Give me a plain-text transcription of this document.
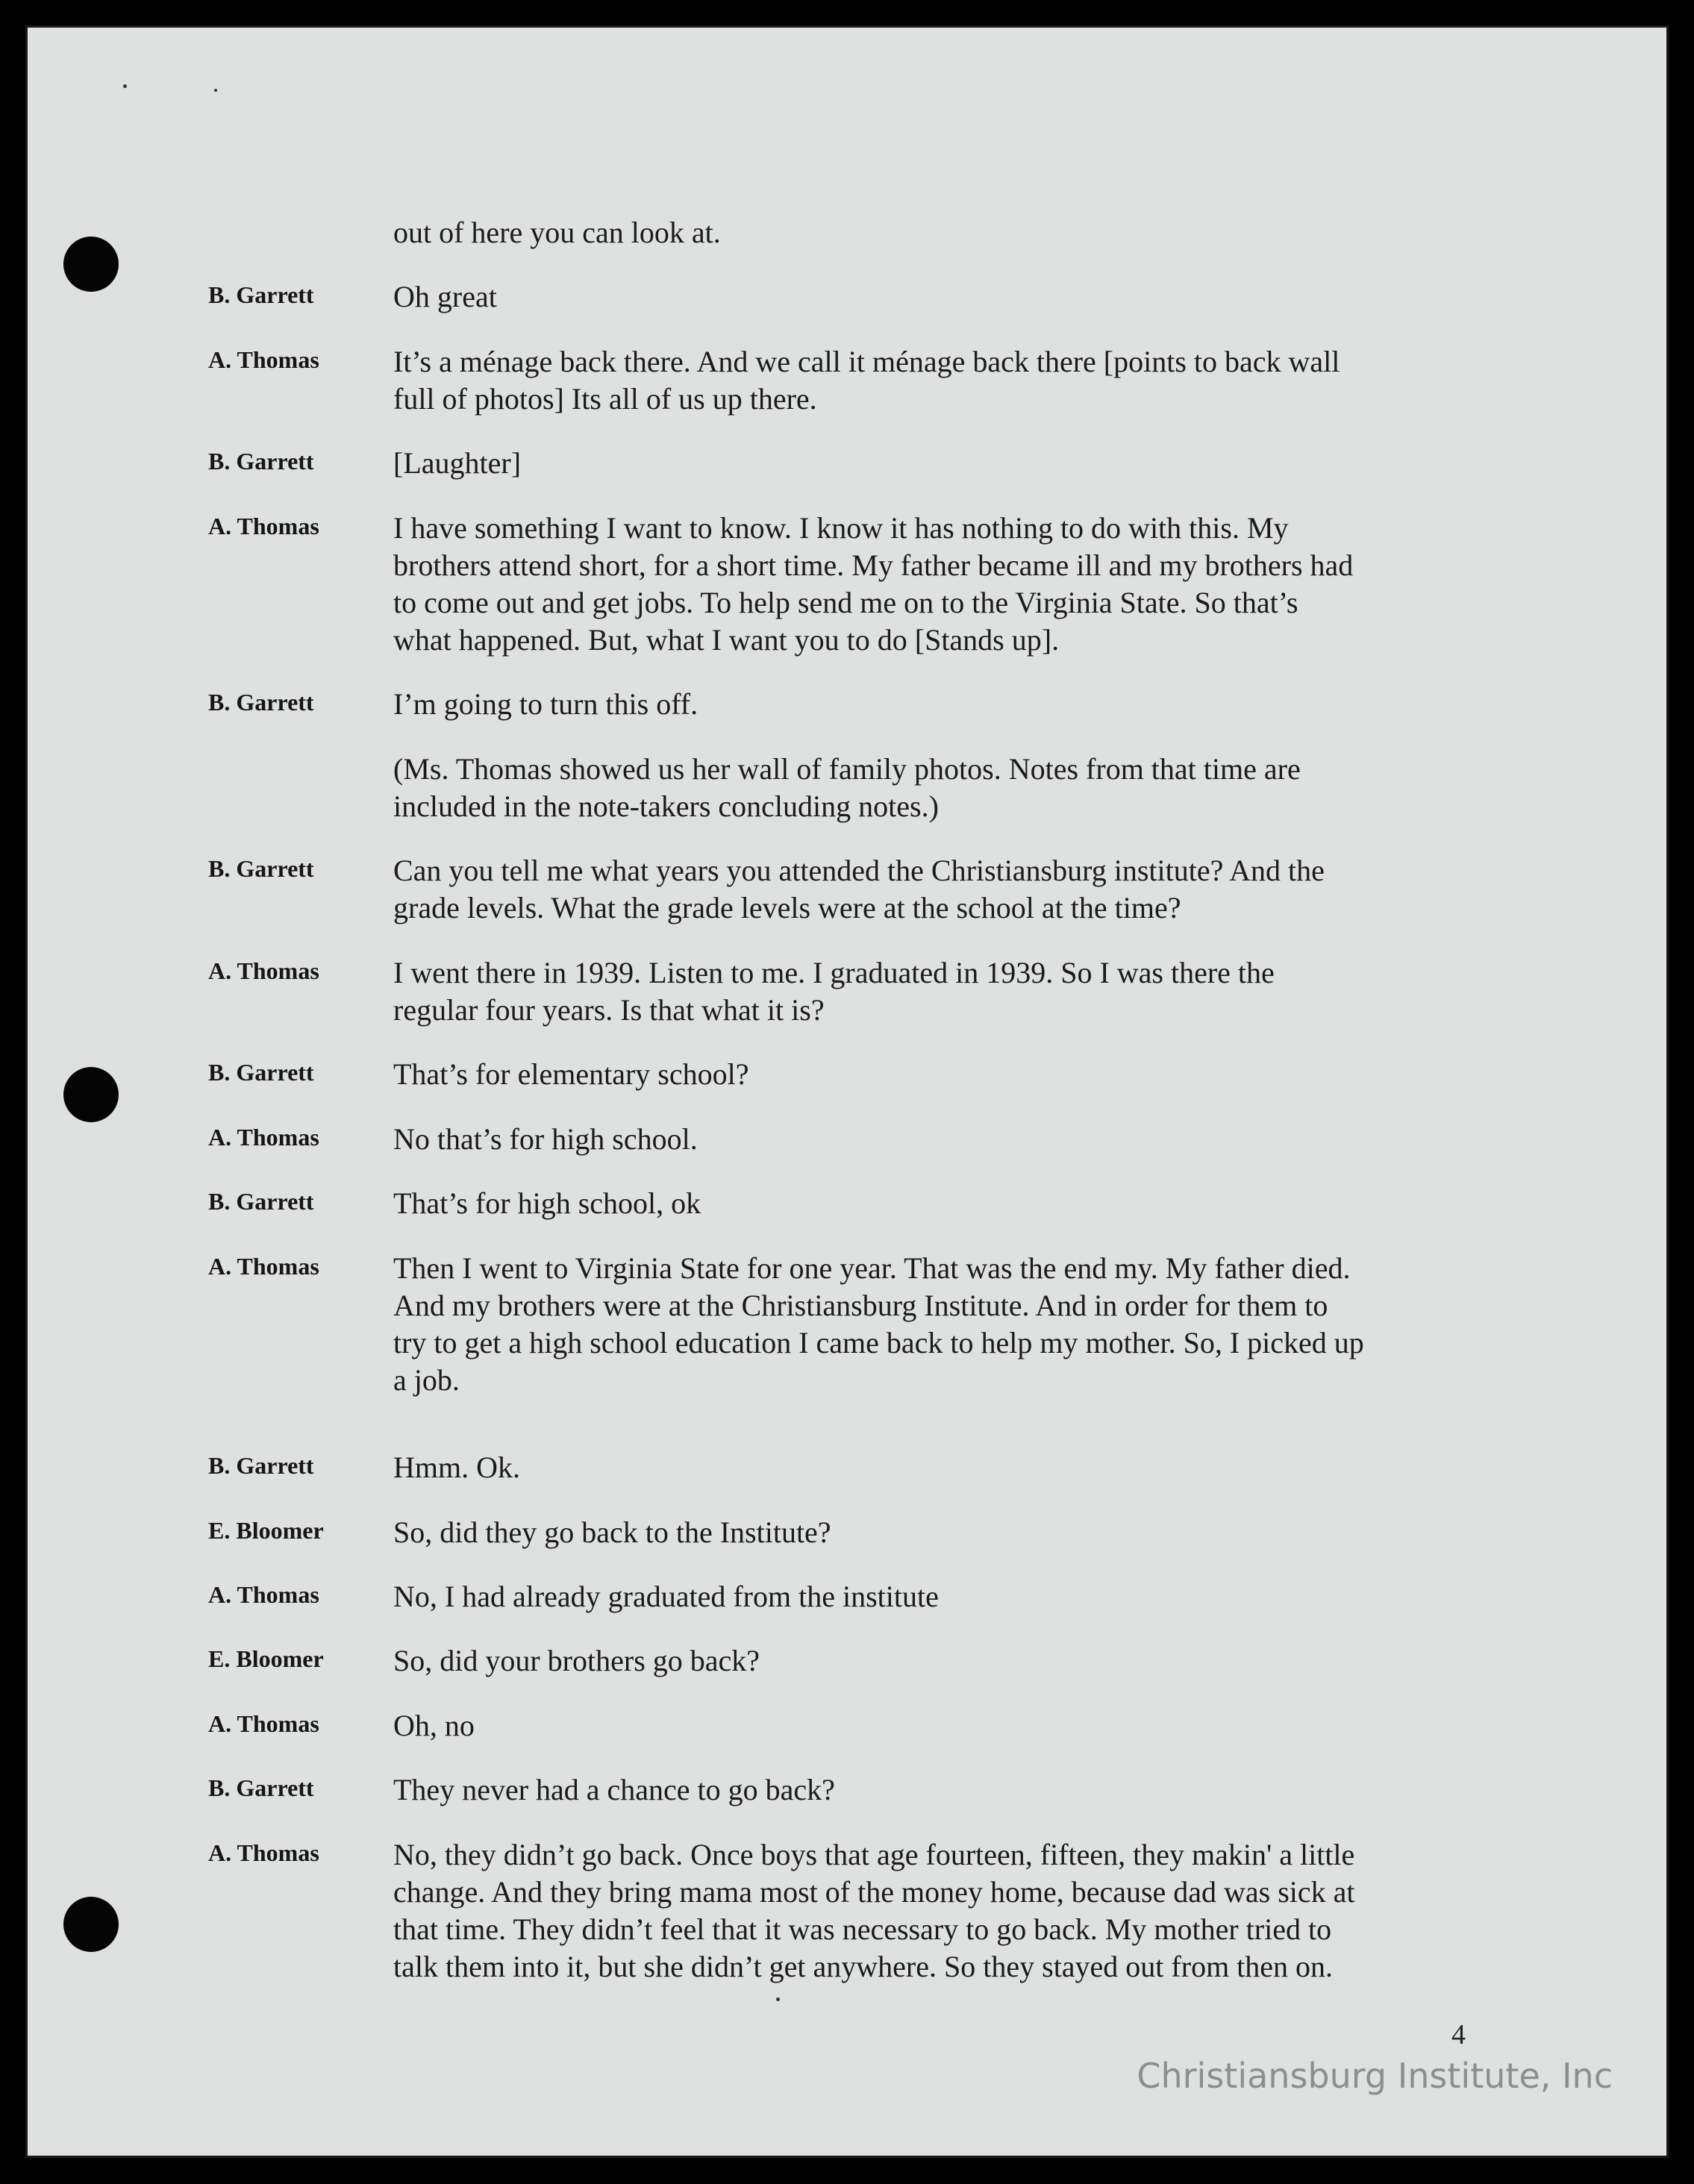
out of here you can look at.
B. Garrett	Oh great
A. Thomas It’s a ménage back there. And we call it ménage back there [points to back wall
full of photos] Its all of us up there.
B. Garrett	[Laughter]
A. Thomas I have something I want to know. I know it has nothing to do with this. My
brothers attend short, for a short time. My father became ill and my brothers had
to come out and get jobs. To help send me on to the Virginia State. So that’s
what happened. But, what I want you to do [Stands up].
B. Garrett	I’m going to turn this off.
(Ms. Thomas showed us her wall of family photos. Notes from that time are
included in the note-takers concluding notes.)
B. Garrett	Can you tell me what years you attended the Christiansburg institute? And the
grade levels. What the grade levels were at the school at the time?
A. Thomas I went there in 1939. Listen to me. I graduated in 1939. So I was there the
regular four years. Is that what it is?
B. Garrett	That’s for elementary school?
A. Thomas No that’s for high school.
B. Garrett	That’s for high school, ok
A. Thomas Then I went to Virginia State for one year. That was the end my. My father died.
And my brothers were at the Christiansburg Institute. And in order for them to
try to get a high school education I came back to help my mother. So, I picked up
a job.
B. Garrett	Hmm. Ok.
E. Bloomer So, did they go back to the Institute?
A. Thomas No, I had already graduated from the institute
E. Bloomer So, did your brothers go back?
A. Thomas Oh, no
B. Garrett	They never had a chance to go back?
A. Thomas No, they didn’t go back. Once boys that age fourteen, fifteen, they makin' a little
change. And they bring mama most of the money home, because dad was sick at
that time. They didn’t feel that it was necessary to go back. My mother tried to
talk them into it, but she didn’t get anywhere. So they stayed out from then on.
4
Christiansburg Institute, Inc
